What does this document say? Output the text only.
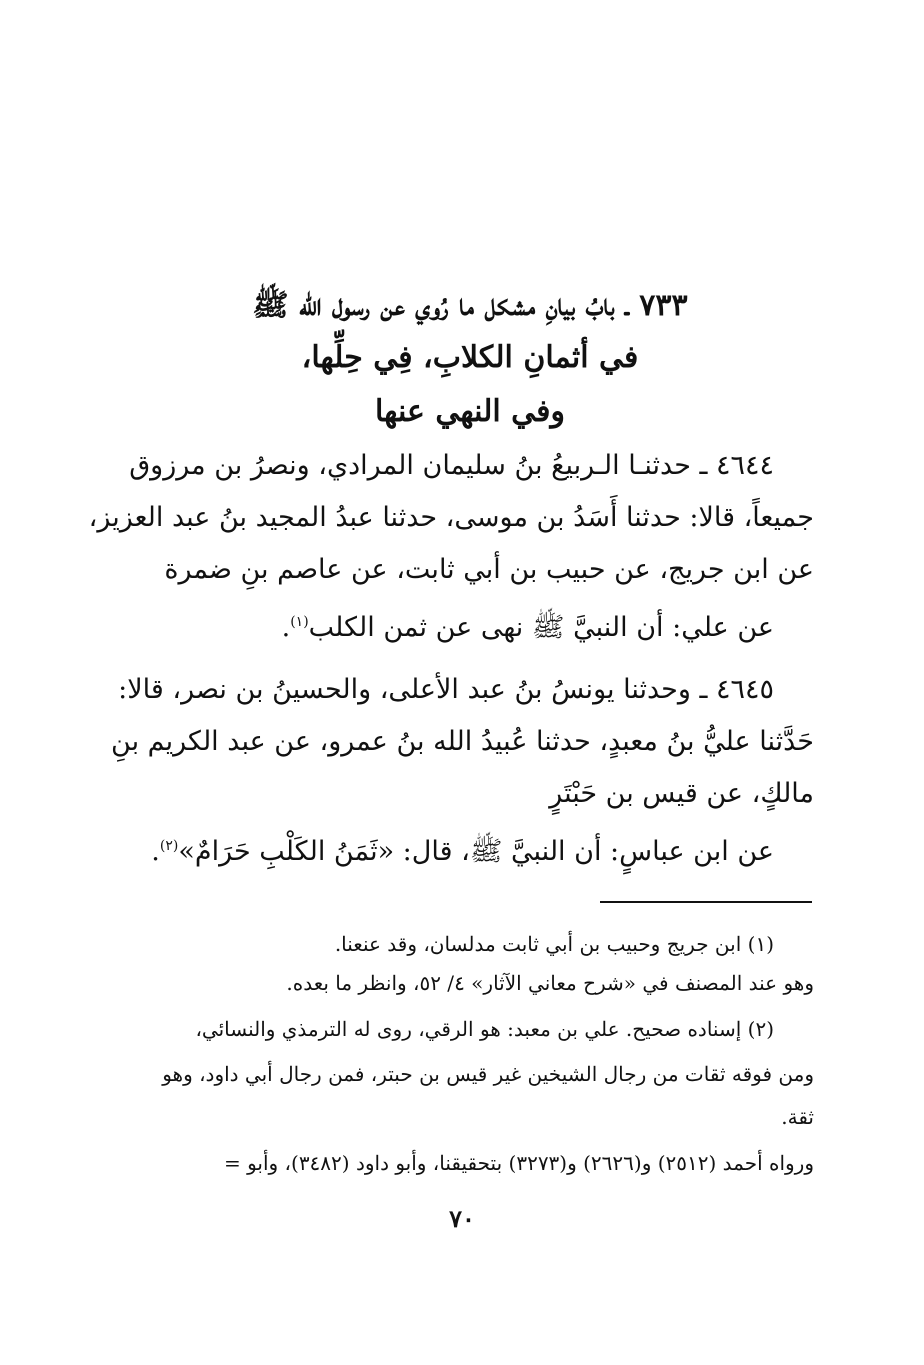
٧٣٣ ـ بابُ بيانِ مشكل ما رُوي عن رسول الله ﷺ
في أثمانِ الكلابِ، فِي حِلِّها،
وفي النهي عنها

٤٦٤٤ ـ حدثنـا الـربيعُ بنُ سليمان المرادي، ونصرُ بن مرزوق

جميعاً، قالا: حدثنا أَسَدُ بن موسى، حدثنا عبدُ المجيد بنُ عبد العزيز،

عن ابن جريج، عن حبيب بن أبي ثابت، عن عاصم بنِ ضمرة

عن علي: أن النبيَّ ﷺ نهى عن ثمن الكلب$^{(١)}$.

٤٦٤٥ ـ وحدثنا يونسُ بنُ عبد الأعلى، والحسينُ بن نصر، قالا:

حَدَّثنا عليُّ بنُ معبدٍ، حدثنا عُبيدُ الله بنُ عمرو، عن عبد الكريم بنِ

مالكٍ، عن قيس بن حَبْتَرٍ

عن ابن عباسٍ: أن النبيَّ ﷺ، قال: «ثَمَنُ الكَلْبِ حَرَامٌ»$^{(٢)}$.

(١) ابن جريج وحبيب بن أبي ثابت مدلسان، وقد عنعنا.

وهو عند المصنف في «شرح معاني الآثار» ٤/ ٥٢، وانظر ما بعده.

(٢) إسناده صحيح. علي بن معبد: هو الرقي، روى له الترمذي والنسائي،

ومن فوقه ثقات من رجال الشيخين غير قيس بن حبتر، فمن رجال أبي داود، وهو

ثقة.

ورواه أحمد (٢٥١٢) و(٢٦٢٦) و(٣٢٧٣) بتحقيقنا، وأبو داود (٣٤٨٢)، وأبو =

٧٠
